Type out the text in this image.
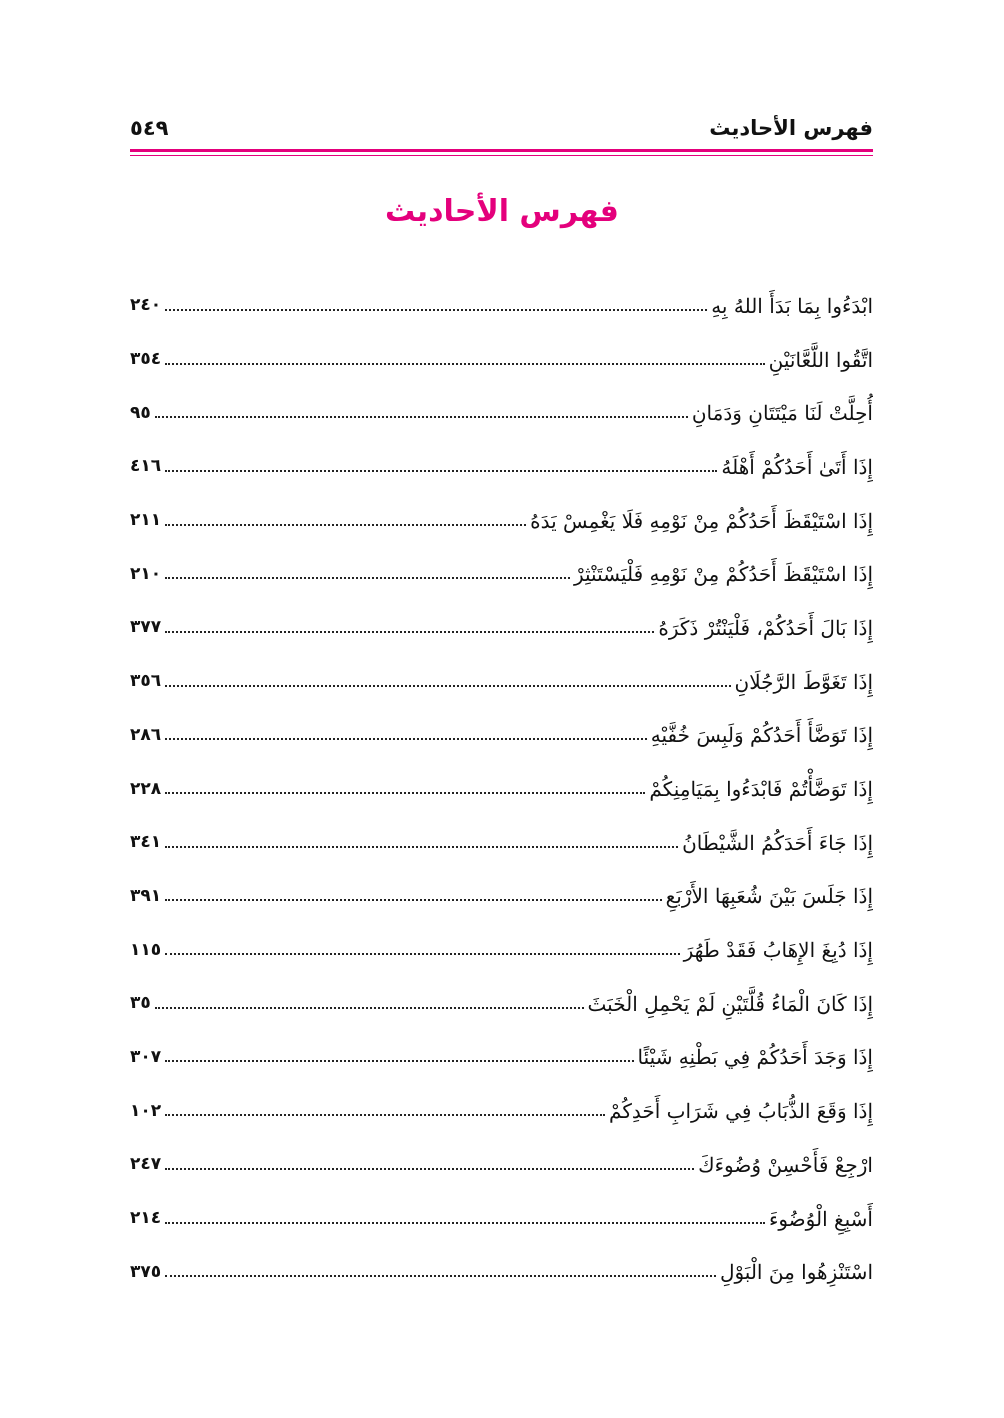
فهرس الأحاديث
٥٤٩
فهرس الأحاديث
ابْدَءُوا بِمَا بَدَأَ اللهُ بِهِ
٢٤٠
اتَّقُوا اللَّعَّانَيْنِ
٣٥٤
أُحِلَّتْ لَنَا مَيْتَتَانِ وَدَمَانِ
٩٥
إِذَا أَتَىٰ أَحَدُكُمْ أَهْلَهُ
٤١٦
إِذَا اسْتَيْقَظَ أَحَدُكُمْ مِنْ نَوْمِهِ فَلَا يَغْمِسْ يَدَهُ
٢١١
إِذَا اسْتَيْقَظَ أَحَدُكُمْ مِنْ نَوْمِهِ فَلْيَسْتَنْثِرْ
٢١٠
إِذَا بَالَ أَحَدُكُمْ، فَلْيَنْتُرْ ذَكَرَهُ
٣٧٧
إِذَا تَغَوَّطَ الرَّجُلَانِ
٣٥٦
إِذَا تَوَضَّأَ أَحَدُكُمْ وَلَبِسَ خُفَّيْهِ
٢٨٦
إِذَا تَوَضَّأْتُمْ فَابْدَءُوا بِمَيَامِنِكُمْ
٢٢٨
إِذَا جَاءَ أَحَدَكُمُ الشَّيْطَانُ
٣٤١
إِذَا جَلَسَ بَيْنَ شُعَبِهَا الأَرْبَعِ
٣٩١
إِذَا دُبِغَ الإِهَابُ فَقَدْ طَهُرَ
١١٥
إِذَا كَانَ الْمَاءُ قُلَّتَيْنِ لَمْ يَحْمِلِ الْخَبَثَ
٣٥
إِذَا وَجَدَ أَحَدُكُمْ فِي بَطْنِهِ شَيْئًا
٣٠٧
إِذَا وَقَعَ الذُّبَابُ فِي شَرَابِ أَحَدِكُمْ
١٠٢
ارْجِعْ فَأَحْسِنْ وُضُوءَكَ
٢٤٧
أَسْبِغِ الْوُضُوءَ
٢١٤
اسْتَنْزِهُوا مِنَ الْبَوْلِ
٣٧٥
